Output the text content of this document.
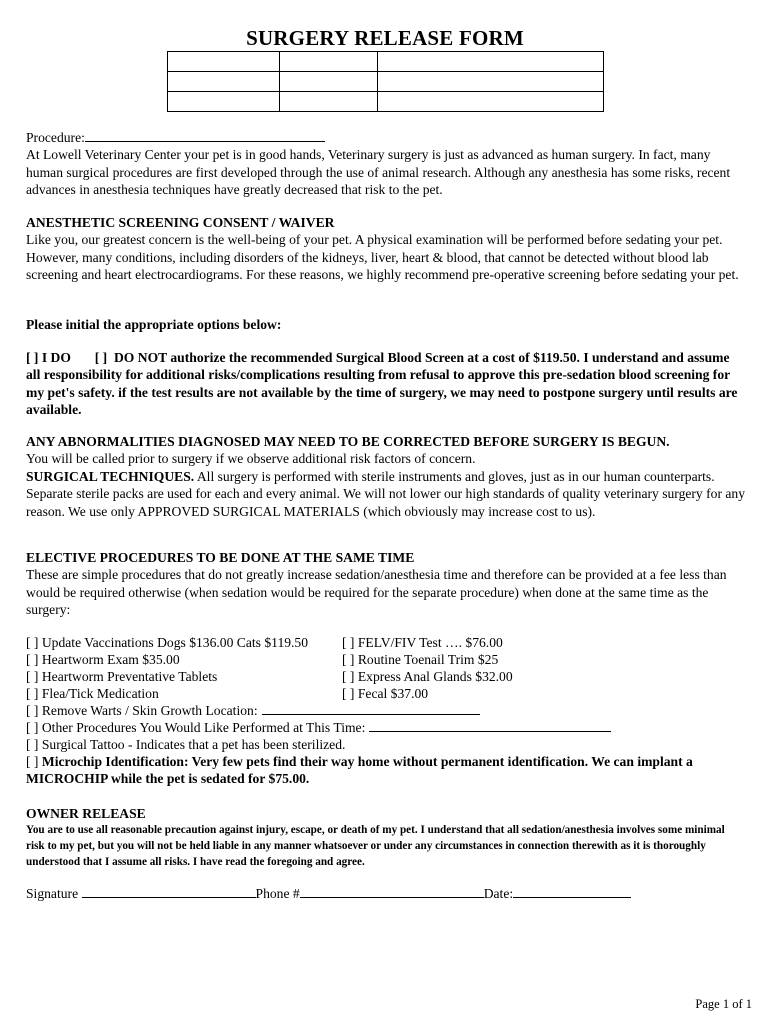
SURGERY RELEASE FORM

Procedure:
At Lowell Veterinary Center your pet is in good hands, Veterinary surgery is just as advanced as human surgery. In fact, many human surgical procedures are first developed through the use of animal research. Although any anesthesia has some risks, recent advances in anesthesia techniques have greatly decreased that risk to the pet.
ANESTHETIC SCREENING CONSENT / WAIVER
Like you, our greatest concern is the well-being of your pet. A physical examination will be performed before sedating your pet. However, many conditions, including disorders of the kidneys, liver, heart & blood, that cannot be detected without blood lab screening and heart electrocardiograms. For these reasons, we highly recommend pre-operative screening before sedating your pet.
Please initial the appropriate options below:
[ ] I DO [ ] DO NOT authorize the recommended Surgical Blood Screen at a cost of $119.50. I understand and assume all responsibility for additional risks/complications resulting from refusal to approve this pre-sedation blood screening for my pet's safety. if the test results are not available by the time of surgery, we may need to postpone surgery until results are available.
ANY ABNORMALITIES DIAGNOSED MAY NEED TO BE CORRECTED BEFORE SURGERY IS BEGUN.
You will be called prior to surgery if we observe additional risk factors of concern.
SURGICAL TECHNIQUES. All surgery is performed with sterile instruments and gloves, just as in our human counterparts. Separate sterile packs are used for each and every animal. We will not lower our high standards of quality veterinary surgery for any reason. We use only APPROVED SURGICAL MATERIALS (which obviously may increase cost to us).
ELECTIVE PROCEDURES TO BE DONE AT THE SAME TIME
These are simple procedures that do not greatly increase sedation/anesthesia time and therefore can be provided at a fee less than would be required otherwise (when sedation would be required for the separate procedure) when done at the same time as the surgery:
[ ] Update Vaccinations Dogs $136.00 Cats $119.50 [ ] FELV/FIV Test …. $76.00
[ ] Heartworm Exam $35.00	[ ] Routine Toenail Trim $25
[ ] Heartworm Preventative Tablets	[ ] Express Anal Glands $32.00
[ ] Flea/Tick Medication	[ ] Fecal $37.00
[ ] Remove Warts / Skin Growth Location:
[ ] Other Procedures You Would Like Performed at This Time:
[ ] Surgical Tattoo - Indicates that a pet has been sterilized.
[ ] Microchip Identification: Very few pets find their way home without permanent identification. We can implant a MICROCHIP while the pet is sedated for $75.00.
OWNER RELEASE
You are to use all reasonable precaution against injury, escape, or death of my pet. I understand that all sedation/anesthesia involves some minimal risk to my pet, but you will not be held liable in any manner whatsoever or under any circumstances in connection therewith as it is thoroughly understood that I assume all risks. I have read the foregoing and agree.
Signature	Phone #	Date:
Page 1 of 1
